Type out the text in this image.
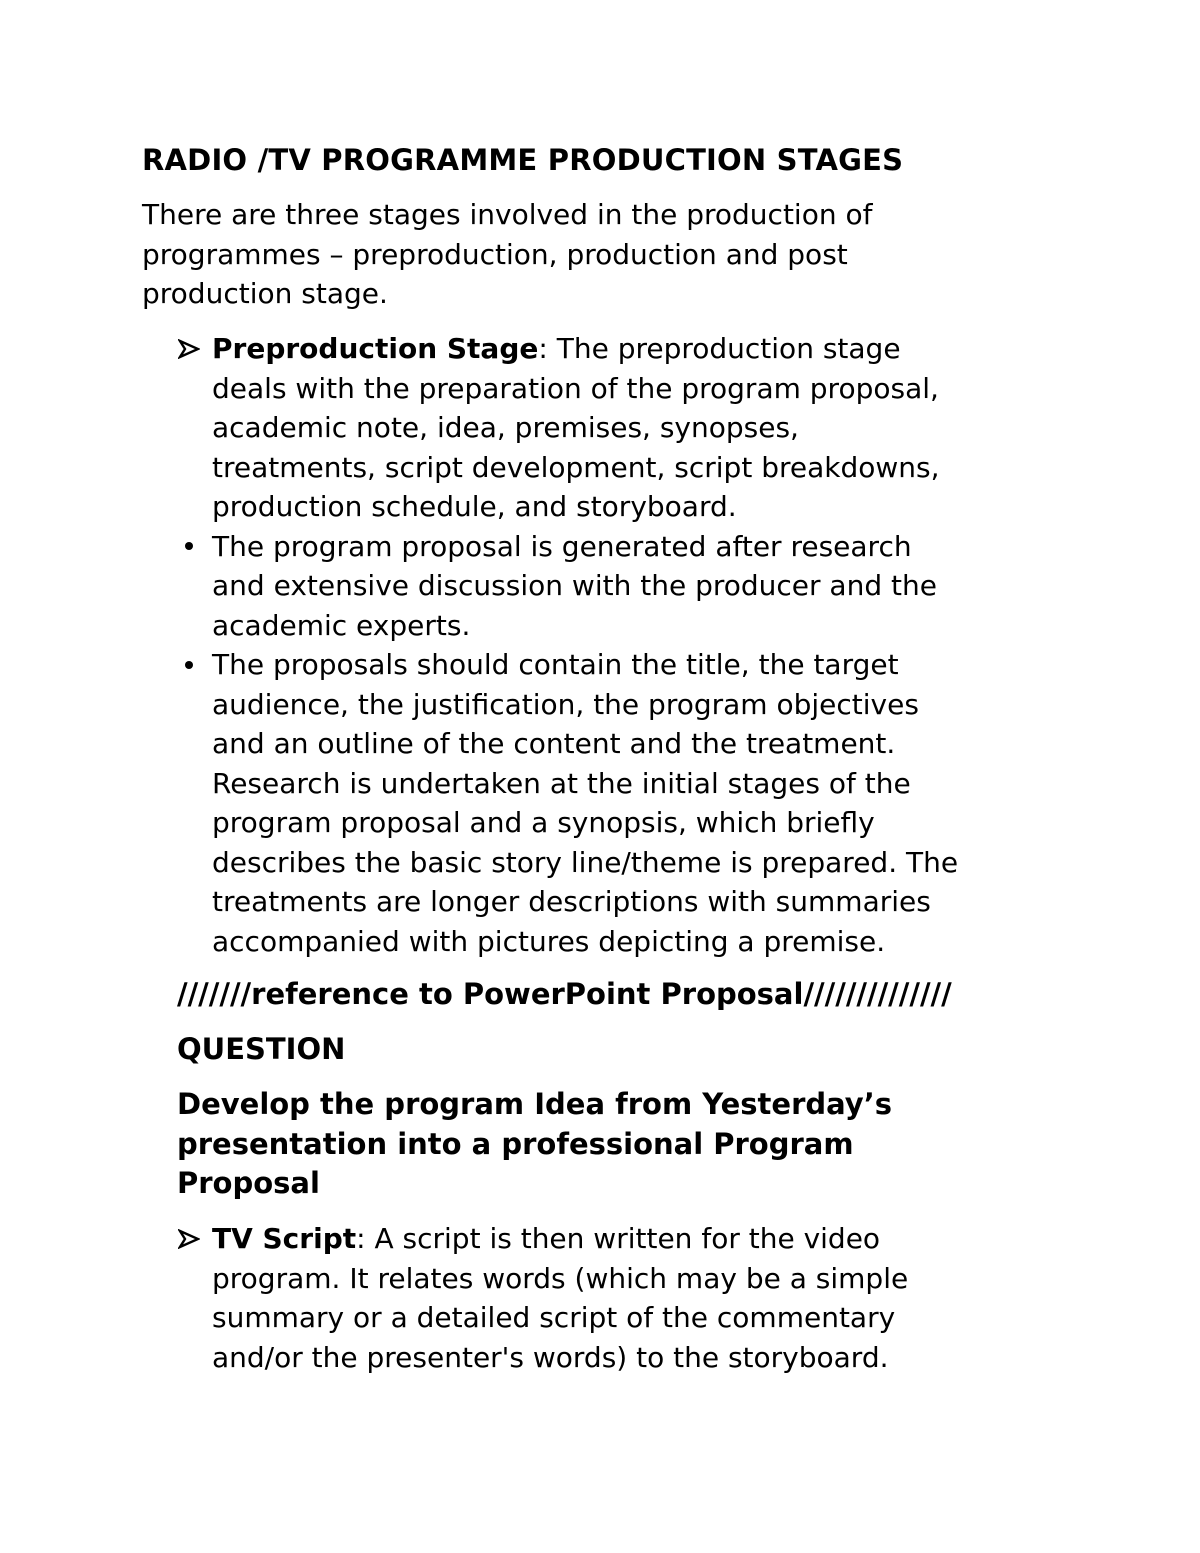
RADIO /TV PROGRAMME PRODUCTION STAGES
There are three stages involved in the production of
programmes – preproduction, production and post
production stage.
Preproduction Stage: The preproduction stage
deals with the preparation of the program proposal,
academic note, idea, premises, synopses,
treatments, script development, script breakdowns,
production schedule, and storyboard.
The program proposal is generated after research
and extensive discussion with the producer and the
academic experts.
The proposals should contain the title, the target
audience, the justification, the program objectives
and an outline of the content and the treatment.
Research is undertaken at the initial stages of the
program proposal and a synopsis, which briefly
describes the basic story line/theme is prepared. The
treatments are longer descriptions with summaries
accompanied with pictures depicting a premise.
///////reference to PowerPoint Proposal//////////////
QUESTION
Develop the program Idea from Yesterday’s
presentation into a professional Program
Proposal
TV Script: A script is then written for the video
program. It relates words (which may be a simple
summary or a detailed script of the commentary
and/or the presenter's words) to the storyboard.
